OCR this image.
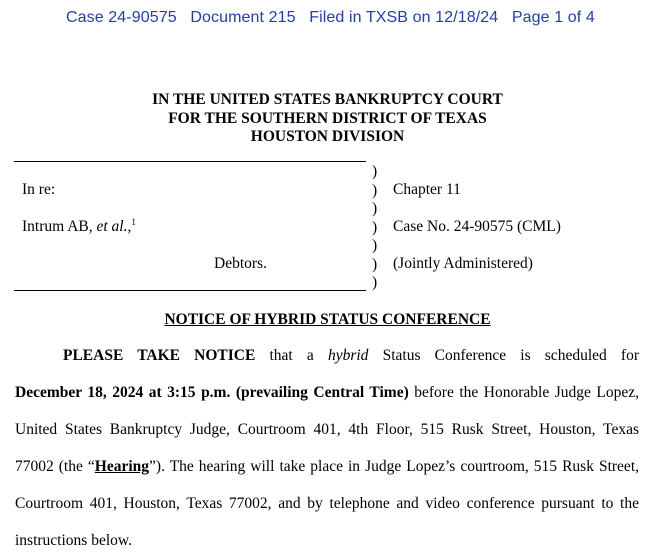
Case 24-90575   Document 215   Filed in TXSB on 12/18/24   Page 1 of 4
IN THE UNITED STATES BANKRUPTCY COURT
FOR THE SOUTHERN DISTRICT OF TEXAS
HOUSTON DIVISION
In re:
Intrum AB, et al.,$^1$
Debtors.
)
)
)
)
)
)
)
Chapter 11
Case No. 24-90575 (CML)
(Jointly Administered)
NOTICE OF HYBRID STATUS CONFERENCE
PLEASE TAKE NOTICE that a hybrid Status Conference is scheduled for
December 18, 2024 at 3:15 p.m. (prevailing Central Time) before the Honorable Judge Lopez,
United States Bankruptcy Judge, Courtroom 401, 4th Floor, 515 Rusk Street, Houston, Texas
77002 (the “Hearing”). The hearing will take place in Judge Lopez’s courtroom, 515 Rusk Street,
Courtroom 401, Houston, Texas 77002, and by telephone and video conference pursuant to the
instructions below.
